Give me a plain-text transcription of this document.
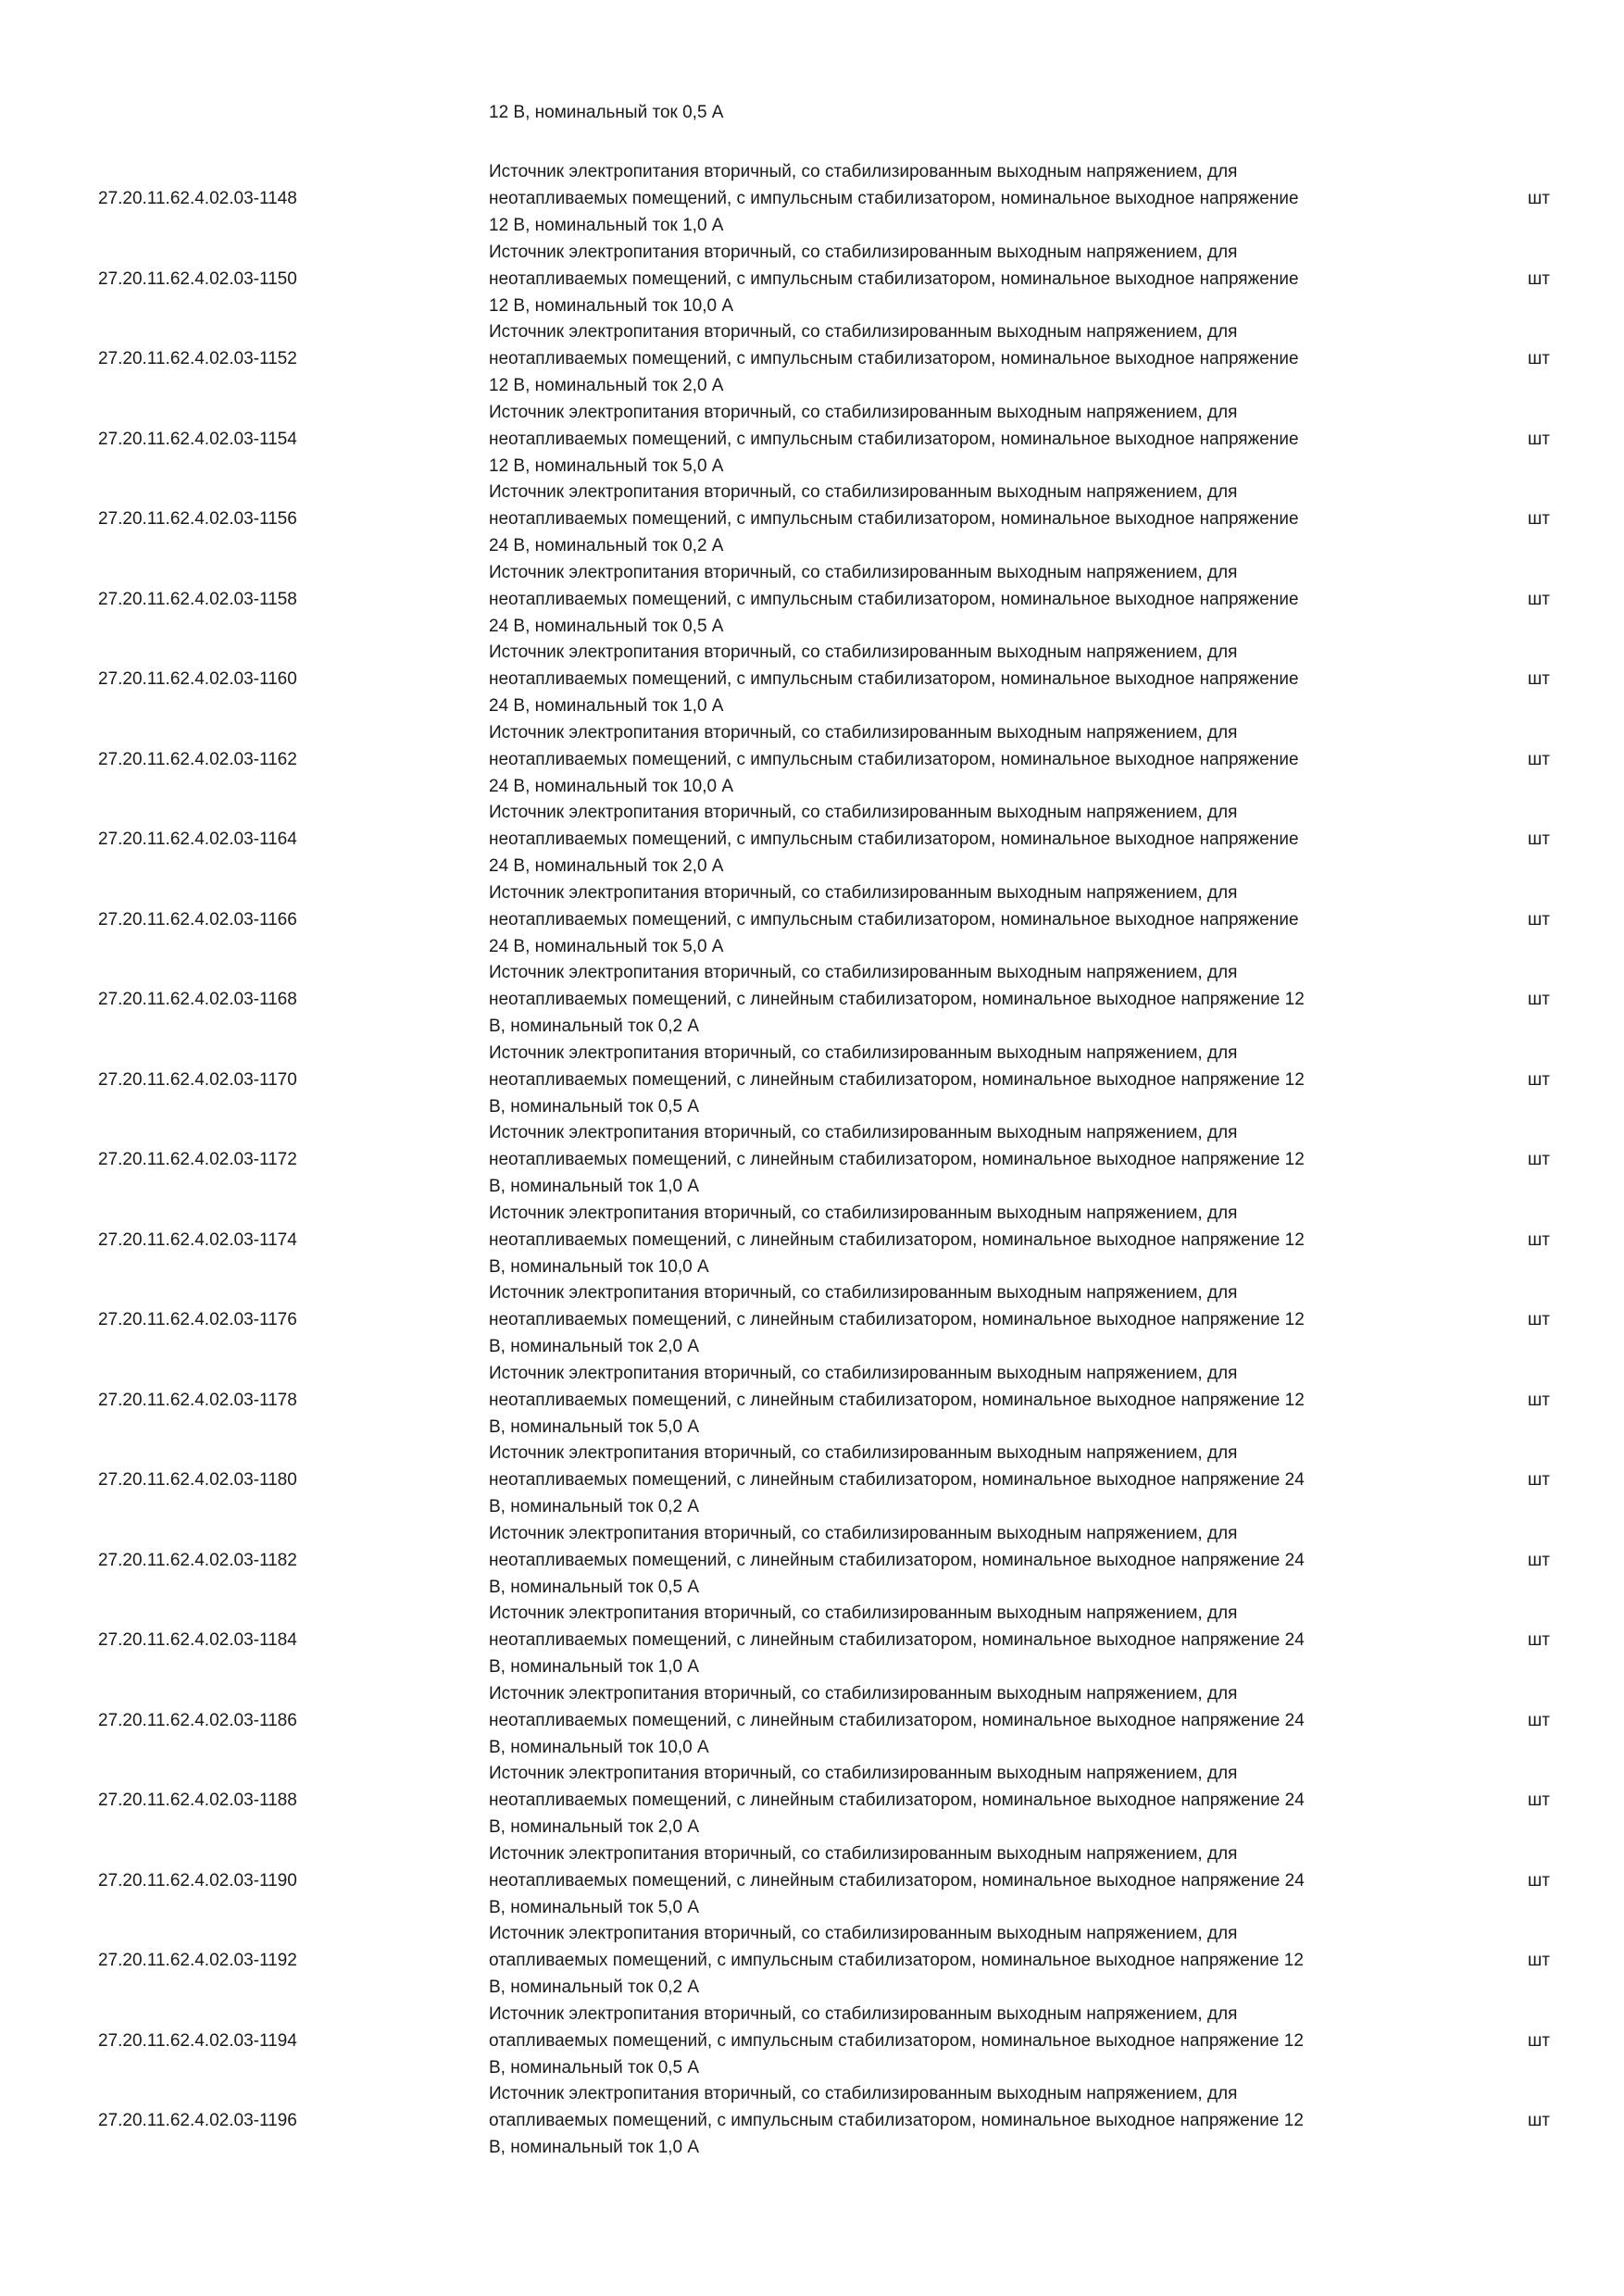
12 В, номинальный ток 0,5 А
27.20.11.62.4.02.03-1148
Источник электропитания вторичный, со стабилизированным выходным напряжением, для
неотапливаемых помещений, с импульсным стабилизатором, номинальное выходное напряжение
12 В, номинальный ток 1,0 А
шт
27.20.11.62.4.02.03-1150
Источник электропитания вторичный, со стабилизированным выходным напряжением, для
неотапливаемых помещений, с импульсным стабилизатором, номинальное выходное напряжение
12 В, номинальный ток 10,0 А
шт
27.20.11.62.4.02.03-1152
Источник электропитания вторичный, со стабилизированным выходным напряжением, для
неотапливаемых помещений, с импульсным стабилизатором, номинальное выходное напряжение
12 В, номинальный ток 2,0 А
шт
27.20.11.62.4.02.03-1154
Источник электропитания вторичный, со стабилизированным выходным напряжением, для
неотапливаемых помещений, с импульсным стабилизатором, номинальное выходное напряжение
12 В, номинальный ток 5,0 А
шт
27.20.11.62.4.02.03-1156
Источник электропитания вторичный, со стабилизированным выходным напряжением, для
неотапливаемых помещений, с импульсным стабилизатором, номинальное выходное напряжение
24 В, номинальный ток 0,2 А
шт
27.20.11.62.4.02.03-1158
Источник электропитания вторичный, со стабилизированным выходным напряжением, для
неотапливаемых помещений, с импульсным стабилизатором, номинальное выходное напряжение
24 В, номинальный ток 0,5 А
шт
27.20.11.62.4.02.03-1160
Источник электропитания вторичный, со стабилизированным выходным напряжением, для
неотапливаемых помещений, с импульсным стабилизатором, номинальное выходное напряжение
24 В, номинальный ток 1,0 А
шт
27.20.11.62.4.02.03-1162
Источник электропитания вторичный, со стабилизированным выходным напряжением, для
неотапливаемых помещений, с импульсным стабилизатором, номинальное выходное напряжение
24 В, номинальный ток 10,0 А
шт
27.20.11.62.4.02.03-1164
Источник электропитания вторичный, со стабилизированным выходным напряжением, для
неотапливаемых помещений, с импульсным стабилизатором, номинальное выходное напряжение
24 В, номинальный ток 2,0 А
шт
27.20.11.62.4.02.03-1166
Источник электропитания вторичный, со стабилизированным выходным напряжением, для
неотапливаемых помещений, с импульсным стабилизатором, номинальное выходное напряжение
24 В, номинальный ток 5,0 А
шт
27.20.11.62.4.02.03-1168
Источник электропитания вторичный, со стабилизированным выходным напряжением, для
неотапливаемых помещений, с линейным стабилизатором, номинальное выходное напряжение 12
В, номинальный ток 0,2 А
шт
27.20.11.62.4.02.03-1170
Источник электропитания вторичный, со стабилизированным выходным напряжением, для
неотапливаемых помещений, с линейным стабилизатором, номинальное выходное напряжение 12
В, номинальный ток 0,5 А
шт
27.20.11.62.4.02.03-1172
Источник электропитания вторичный, со стабилизированным выходным напряжением, для
неотапливаемых помещений, с линейным стабилизатором, номинальное выходное напряжение 12
В, номинальный ток 1,0 А
шт
27.20.11.62.4.02.03-1174
Источник электропитания вторичный, со стабилизированным выходным напряжением, для
неотапливаемых помещений, с линейным стабилизатором, номинальное выходное напряжение 12
В, номинальный ток 10,0 А
шт
27.20.11.62.4.02.03-1176
Источник электропитания вторичный, со стабилизированным выходным напряжением, для
неотапливаемых помещений, с линейным стабилизатором, номинальное выходное напряжение 12
В, номинальный ток 2,0 А
шт
27.20.11.62.4.02.03-1178
Источник электропитания вторичный, со стабилизированным выходным напряжением, для
неотапливаемых помещений, с линейным стабилизатором, номинальное выходное напряжение 12
В, номинальный ток 5,0 А
шт
27.20.11.62.4.02.03-1180
Источник электропитания вторичный, со стабилизированным выходным напряжением, для
неотапливаемых помещений, с линейным стабилизатором, номинальное выходное напряжение 24
В, номинальный ток 0,2 А
шт
27.20.11.62.4.02.03-1182
Источник электропитания вторичный, со стабилизированным выходным напряжением, для
неотапливаемых помещений, с линейным стабилизатором, номинальное выходное напряжение 24
В, номинальный ток 0,5 А
шт
27.20.11.62.4.02.03-1184
Источник электропитания вторичный, со стабилизированным выходным напряжением, для
неотапливаемых помещений, с линейным стабилизатором, номинальное выходное напряжение 24
В, номинальный ток 1,0 А
шт
27.20.11.62.4.02.03-1186
Источник электропитания вторичный, со стабилизированным выходным напряжением, для
неотапливаемых помещений, с линейным стабилизатором, номинальное выходное напряжение 24
В, номинальный ток 10,0 А
шт
27.20.11.62.4.02.03-1188
Источник электропитания вторичный, со стабилизированным выходным напряжением, для
неотапливаемых помещений, с линейным стабилизатором, номинальное выходное напряжение 24
В, номинальный ток 2,0 А
шт
27.20.11.62.4.02.03-1190
Источник электропитания вторичный, со стабилизированным выходным напряжением, для
неотапливаемых помещений, с линейным стабилизатором, номинальное выходное напряжение 24
В, номинальный ток 5,0 А
шт
27.20.11.62.4.02.03-1192
Источник электропитания вторичный, со стабилизированным выходным напряжением, для
отапливаемых помещений, с импульсным стабилизатором, номинальное выходное напряжение 12
В, номинальный ток 0,2 А
шт
27.20.11.62.4.02.03-1194
Источник электропитания вторичный, со стабилизированным выходным напряжением, для
отапливаемых помещений, с импульсным стабилизатором, номинальное выходное напряжение 12
В, номинальный ток 0,5 А
шт
27.20.11.62.4.02.03-1196
Источник электропитания вторичный, со стабилизированным выходным напряжением, для
отапливаемых помещений, с импульсным стабилизатором, номинальное выходное напряжение 12
В, номинальный ток 1,0 А
шт
